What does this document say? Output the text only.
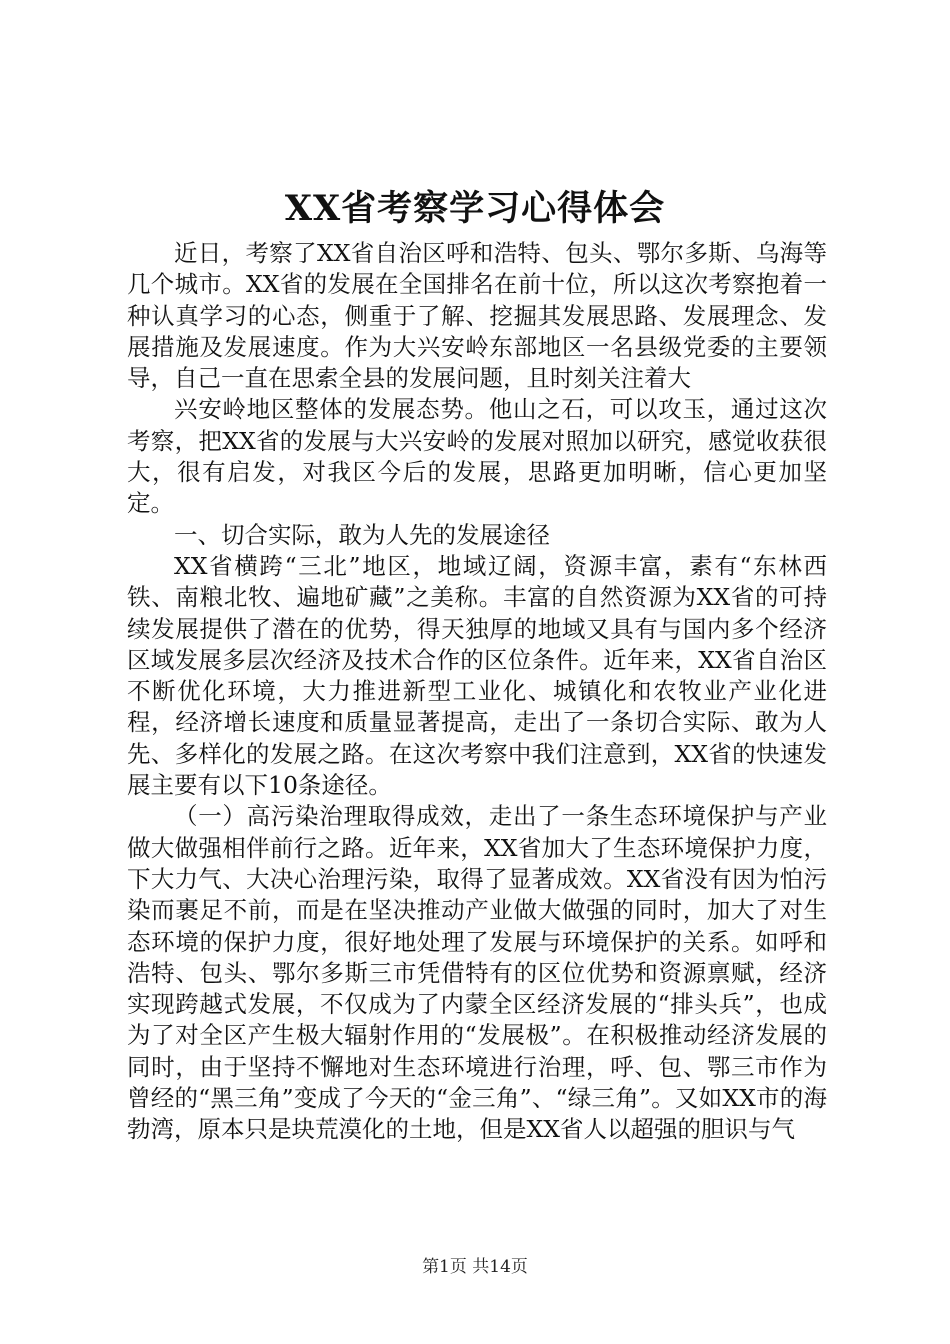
XX省考察学习心得体会

近日，考察了XX省自治区呼和浩特、包头、鄂尔多斯、乌海等几个城市。XX省的发展在全国排名在前十位，所以这次考察抱着一种认真学习的心态，侧重于了解、挖掘其发展思路、发展理念、发展措施及发展速度。作为大兴安岭东部地区一名县级党委的主要领导，自己一直在思索全县的发展问题，且时刻关注着大

兴安岭地区整体的发展态势。他山之石，可以攻玉，通过这次考察，把XX省的发展与大兴安岭的发展对照加以研究，感觉收获很大，很有启发，对我区今后的发展，思路更加明晰，信心更加坚定。

一、切合实际，敢为人先的发展途径

XX省横跨“三北”地区，地域辽阔，资源丰富，素有“东林西铁、南粮北牧、遍地矿藏”之美称。丰富的自然资源为XX省的可持续发展提供了潜在的优势，得天独厚的地域又具有与国内多个经济区域发展多层次经济及技术合作的区位条件。近年来，XX省自治区不断优化环境，大力推进新型工业化、城镇化和农牧业产业化进程，经济增长速度和质量显著提高，走出了一条切合实际、敢为人先、多样化的发展之路。在这次考察中我们注意到，XX省的快速发展主要有以下10条途径。

（一）高污染治理取得成效，走出了一条生态环境保护与产业做大做强相伴前行之路。近年来，XX省加大了生态环境保护力度，下大力气、大决心治理污染，取得了显著成效。XX省没有因为怕污染而裹足不前，而是在坚决推动产业做大做强的同时，加大了对生态环境的保护力度，很好地处理了发展与环境保护的关系。如呼和浩特、包头、鄂尔多斯三市凭借特有的区位优势和资源禀赋，经济实现跨越式发展，不仅成为了内蒙全区经济发展的“排头兵”，也成为了对全区产生极大辐射作用的“发展极”。在积极推动经济发展的同时，由于坚持不懈地对生态环境进行治理，呼、包、鄂三市作为曾经的“黑三角”变成了今天的“金三角”、“绿三角”。又如XX市的海勃湾，原本只是块荒漠化的土地，但是XX省人以超强的胆识与气

第1页 共14页
